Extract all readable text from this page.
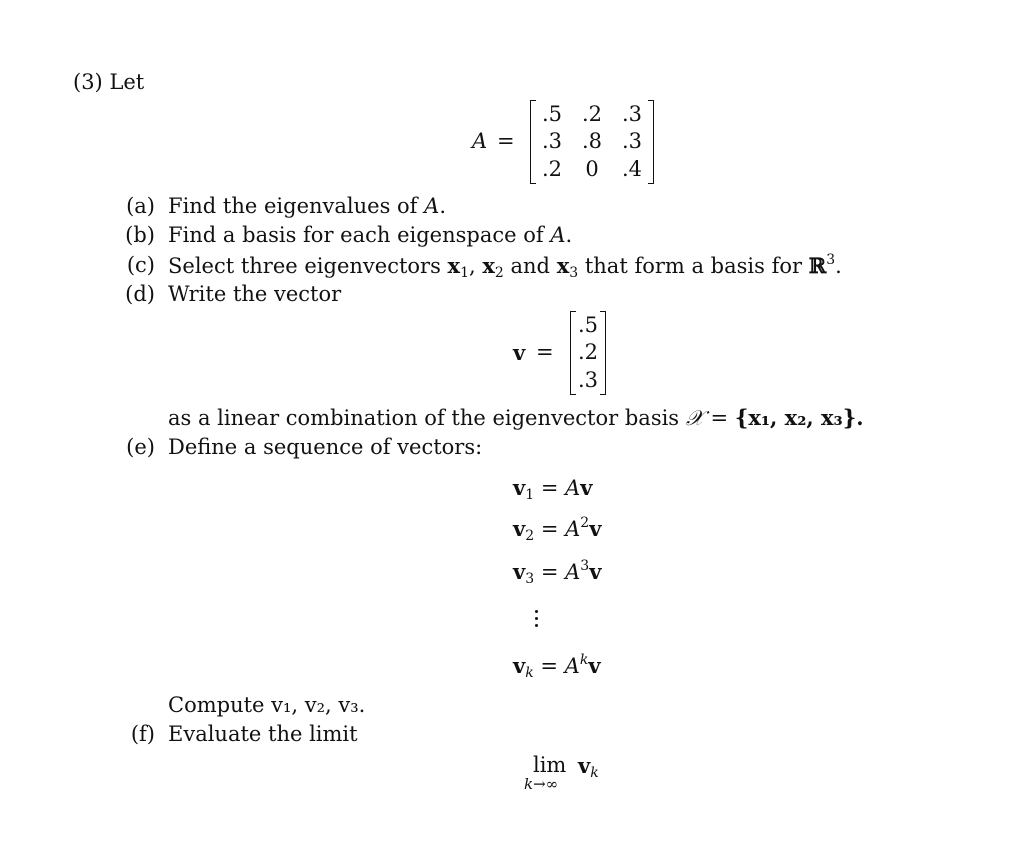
(3) Let
A =
.5 .2 .3
.3 .8 .3
.2	0	.4
(a) Find the eigenvalues of A.
(b) Find a basis for each eigenspace of A.
(c) Select three eigenvectors $x_1$, $x_2$ and $x_3$ that form a basis for ℝ$^3$.
(d) Write the vector
v =
.5
.2
.3
as a linear combination of the eigenvector basis 𝒳 = {x₁, x₂, x₃}.
(e) Define a sequence of vectors:
$v_1 = Av$
$v_2 = A^2v$
$v_3 = A^3v$
$v_k = A^kv$
Compute v₁, v₂, v₃.
(f) Evaluate the limit
lim
k→∞
$v_k$
